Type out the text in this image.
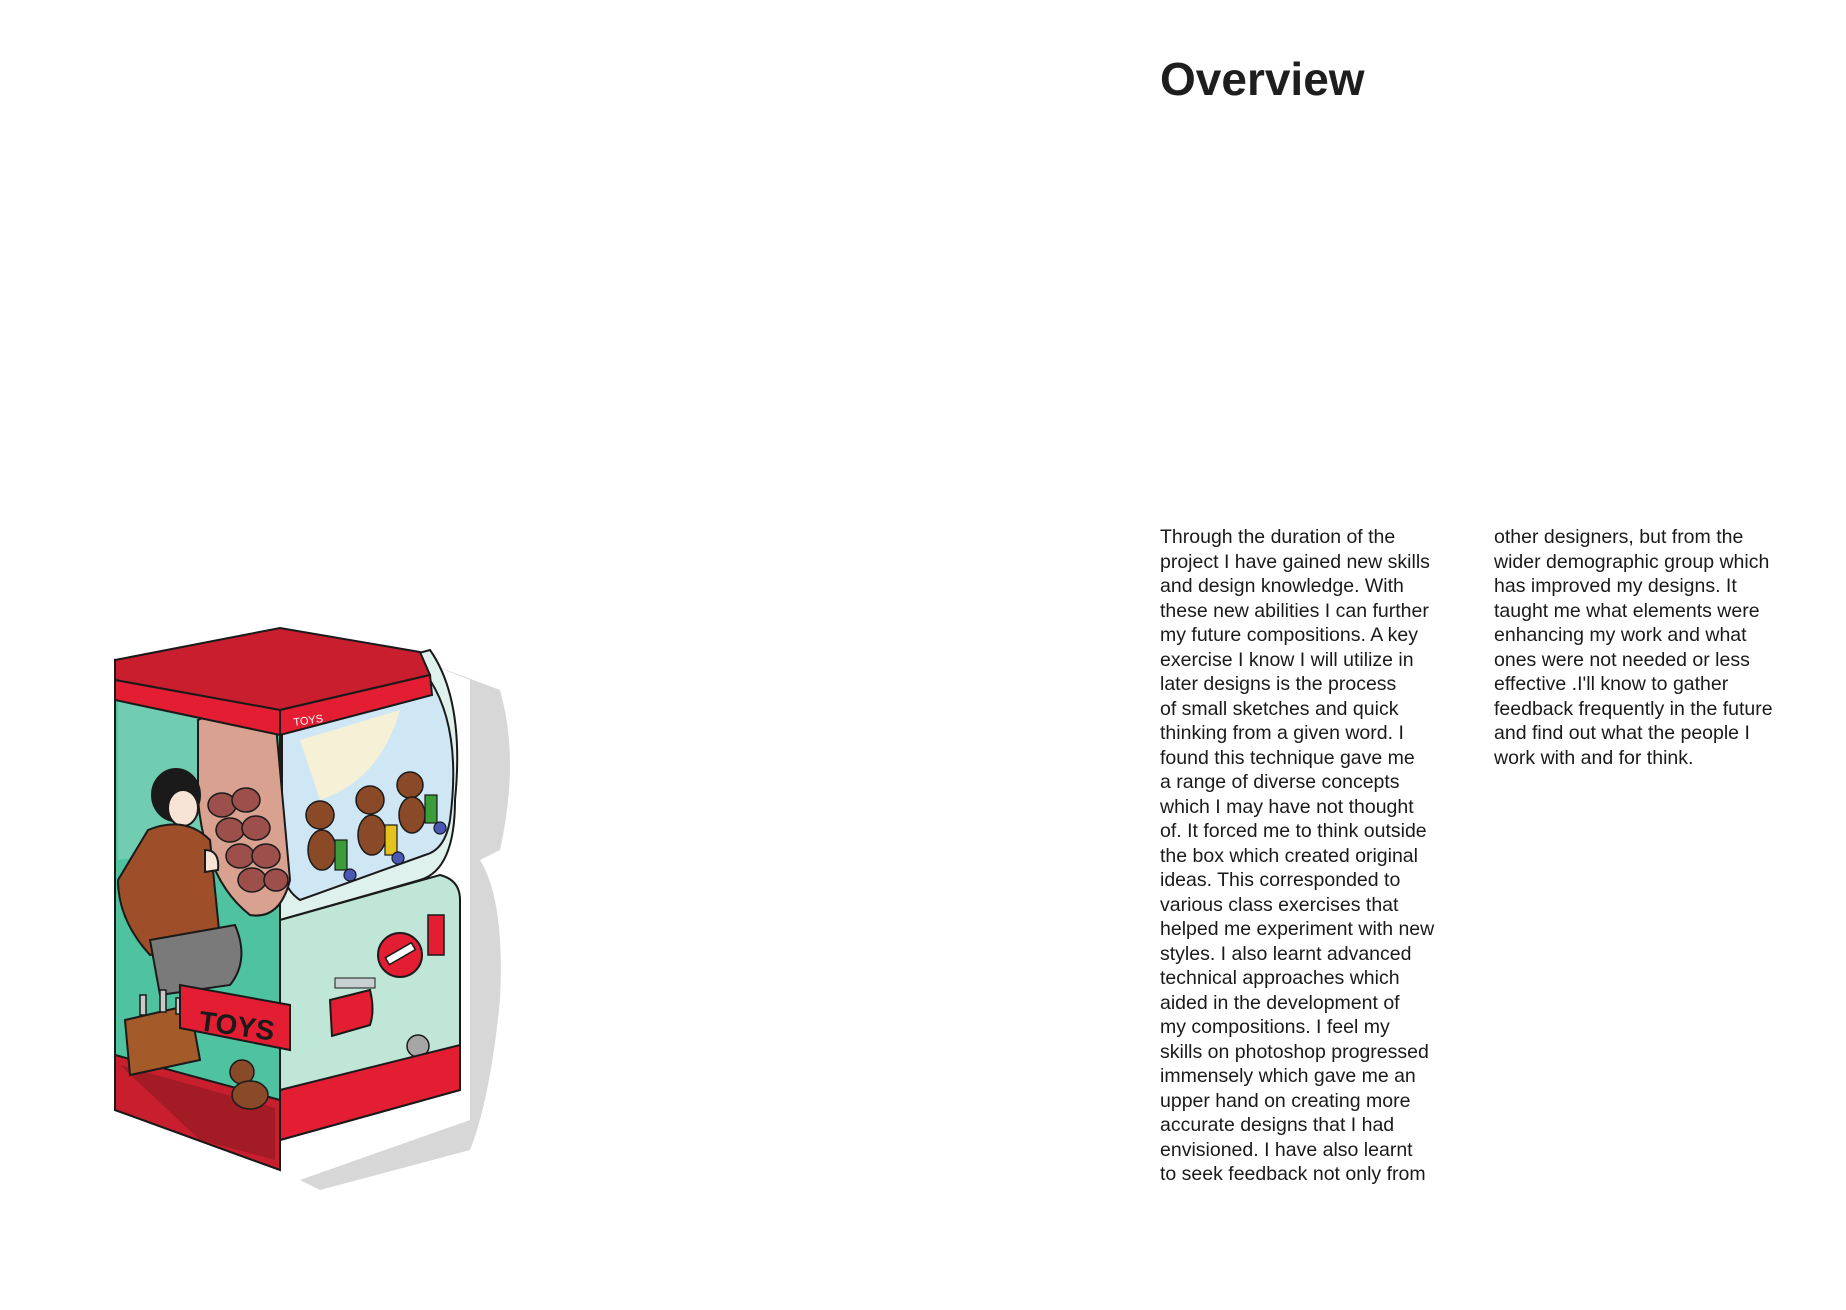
Overview
TOYS
TOYS
Through the duration of the
project I have gained new skills
and design knowledge. With
these new abilities I can further
my future compositions. A key
exercise I know I will utilize in
later designs is the process
of small sketches and quick
thinking from a given word. I
found this technique gave me
a range of diverse concepts
which I may have not thought
of. It forced me to think outside
the box which created original
ideas. This corresponded to
various class exercises that
helped me experiment with new
styles. I also learnt advanced
technical approaches which
aided in the development of
my compositions. I feel my
skills on photoshop progressed
immensely which gave me an
upper hand on creating more
accurate designs that I had
envisioned. I have also learnt
to seek feedback not only from
other designers, but from the
wider demographic group which
has improved my designs. It
taught me what elements were
enhancing my work and what
ones were not needed or less
effective .I'll know to gather
feedback frequently in the future
and find out what the people I
work with and for think.
